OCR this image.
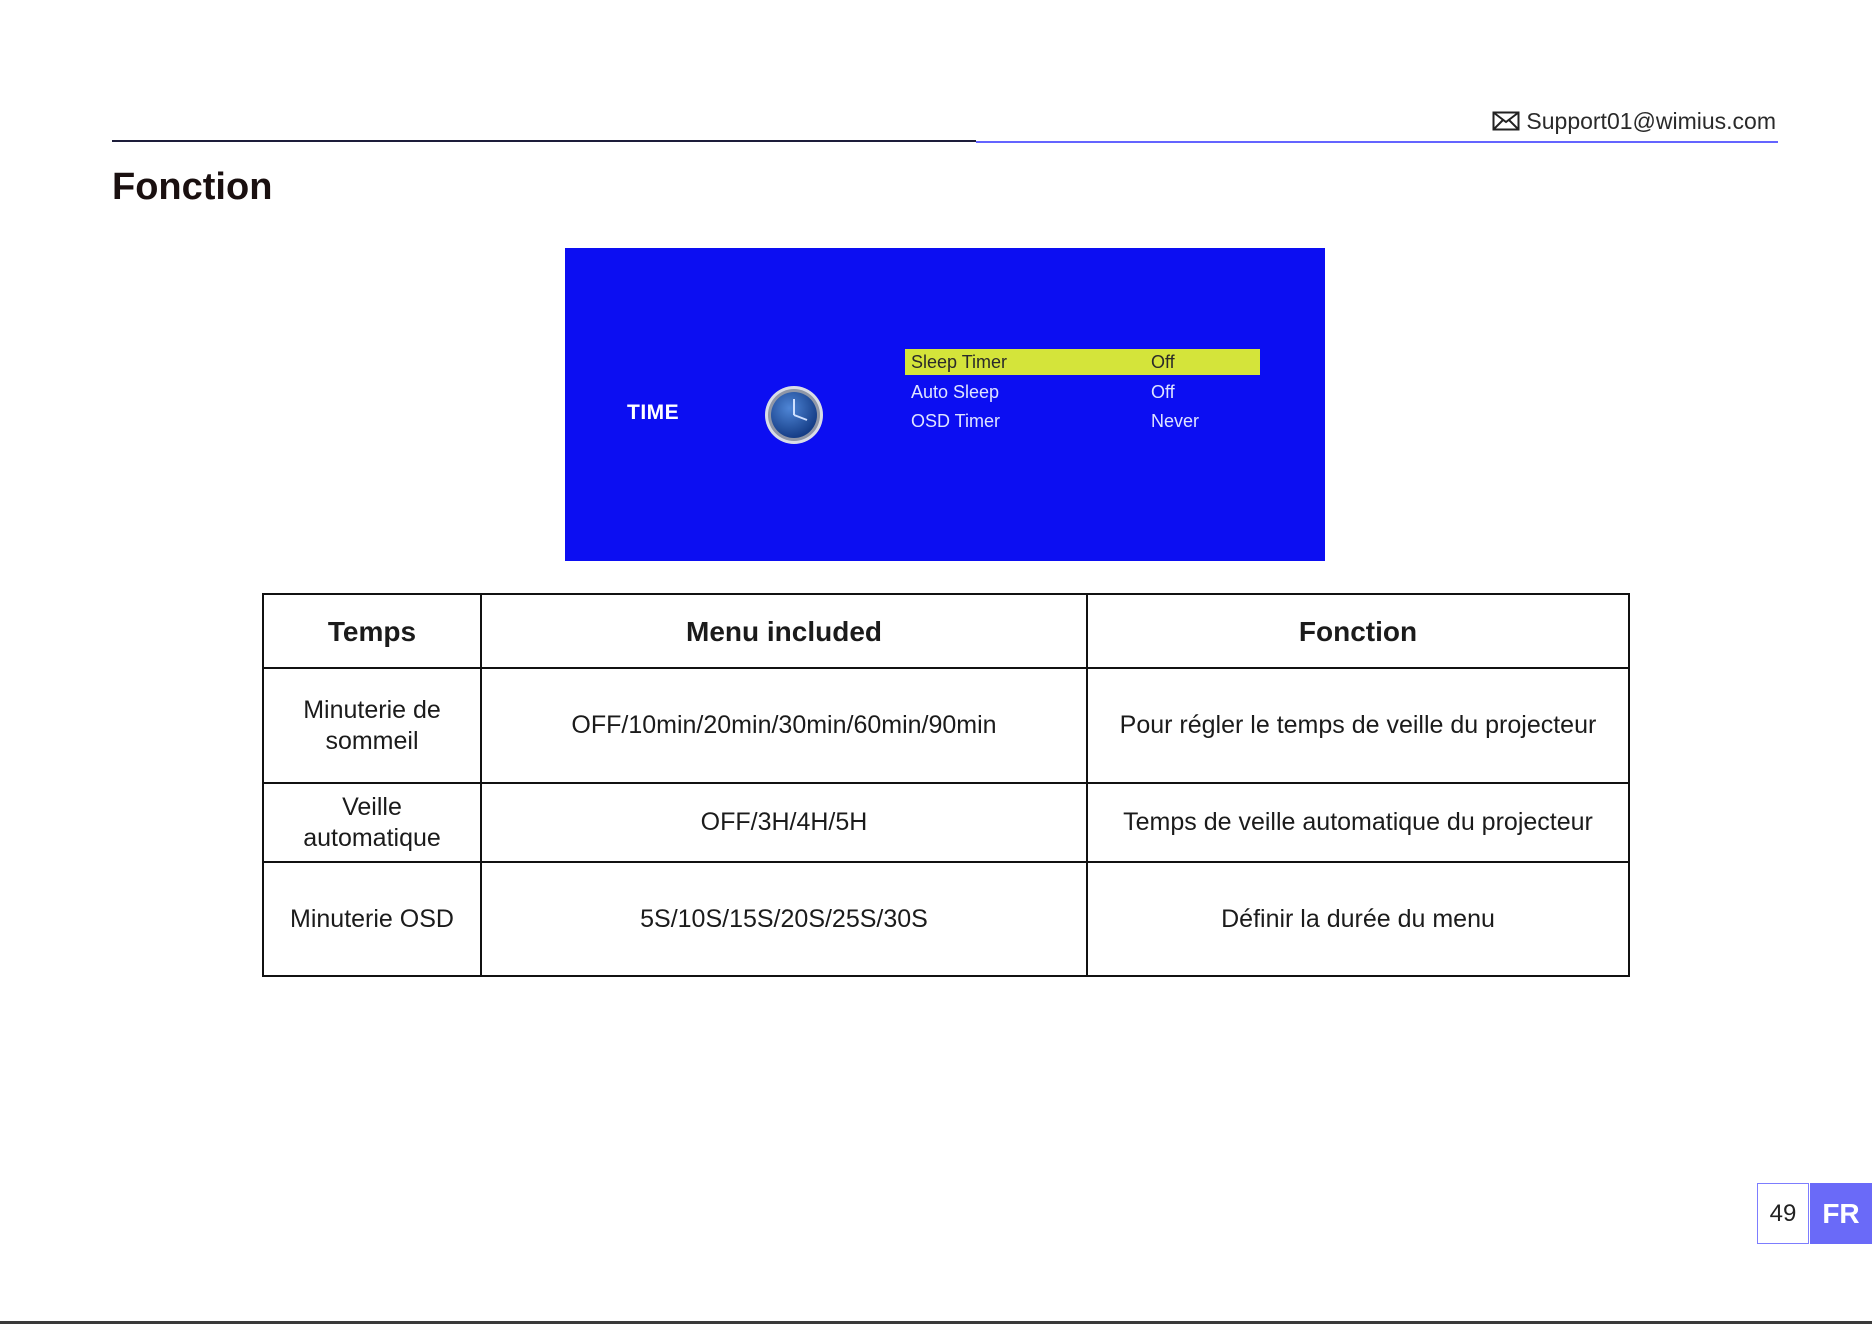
Support01@wimius.com
Fonction
TIME
Sleep Timer	Off
Auto Sleep	Off
OSD Timer	Never
Temps	Menu included	Fonction
Minuterie de sommeil	OFF/10min/20min/30min/60min/90min	Pour régler le temps de veille du projecteur
Veille automatique	OFF/3H/4H/5H	Temps de veille automatique du projecteur
Minuterie OSD	5S/10S/15S/20S/25S/30S	Définir la durée du menu
49 FR
